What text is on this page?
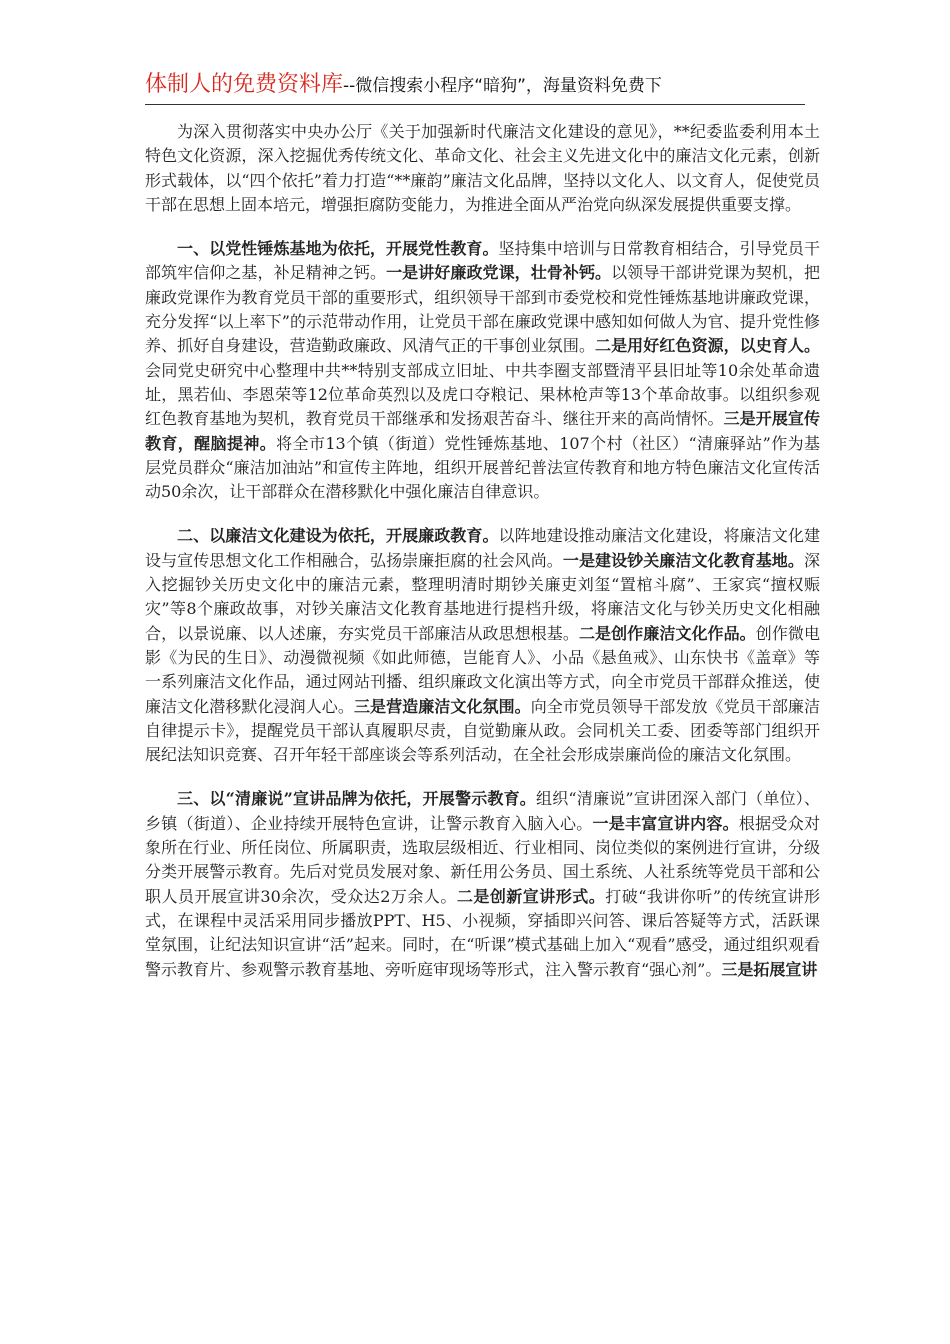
体制人的免费资料库--微信搜索小程序“暗狗”，海量资料免费下

为深入贯彻落实中央办公厅《关于加强新时代廉洁文化建设的意见》，**纪委监委利用本土特色文化资源，深入挖掘优秀传统文化、革命文化、社会主义先进文化中的廉洁文化元素，创新形式载体，以“四个依托”着力打造“**廉韵”廉洁文化品牌，坚持以文化人、以文育人，促使党员干部在思想上固本培元，增强拒腐防变能力，为推进全面从严治党向纵深发展提供重要支撑。

一、以党性锤炼基地为依托，开展党性教育。坚持集中培训与日常教育相结合，引导党员干部筑牢信仰之基，补足精神之钙。一是讲好廉政党课，壮骨补钙。以领导干部讲党课为契机，把廉政党课作为教育党员干部的重要形式，组织领导干部到市委党校和党性锤炼基地讲廉政党课，充分发挥“以上率下”的示范带动作用，让党员干部在廉政党课中感知如何做人为官、提升党性修养、抓好自身建设，营造勤政廉政、风清气正的干事创业氛围。二是用好红色资源，以史育人。会同党史研究中心整理中共**特别支部成立旧址、中共李圈支部暨清平县旧址等10余处革命遗址，黑若仙、李恩荣等12位革命英烈以及虎口夺粮记、果林枪声等13个革命故事。以组织参观红色教育基地为契机，教育党员干部继承和发扬艰苦奋斗、继往开来的高尚情怀。三是开展宣传教育，醒脑提神。将全市13个镇（街道）党性锤炼基地、107个村（社区）“清廉驿站”作为基层党员群众“廉洁加油站”和宣传主阵地，组织开展普纪普法宣传教育和地方特色廉洁文化宣传活动50余次，让干部群众在潜移默化中强化廉洁自律意识。

二、以廉洁文化建设为依托，开展廉政教育。以阵地建设推动廉洁文化建设，将廉洁文化建设与宣传思想文化工作相融合，弘扬崇廉拒腐的社会风尚。一是建设钞关廉洁文化教育基地。深入挖掘钞关历史文化中的廉洁元素，整理明清时期钞关廉吏刘玺“置棺斗腐”、王家宾“擅权赈灾”等8个廉政故事，对钞关廉洁文化教育基地进行提档升级，将廉洁文化与钞关历史文化相融合，以景说廉、以人述廉，夯实党员干部廉洁从政思想根基。二是创作廉洁文化作品。创作微电影《为民的生日》、动漫微视频《如此师德，岂能育人》、小品《悬鱼戒》、山东快书《盖章》等一系列廉洁文化作品，通过网站刊播、组织廉政文化演出等方式，向全市党员干部群众推送，使廉洁文化潜移默化浸润人心。三是营造廉洁文化氛围。向全市党员领导干部发放《党员干部廉洁自律提示卡》，提醒党员干部认真履职尽责，自觉勤廉从政。会同机关工委、团委等部门组织开展纪法知识竞赛、召开年轻干部座谈会等系列活动，在全社会形成崇廉尚俭的廉洁文化氛围。

三、以“清廉说”宣讲品牌为依托，开展警示教育。组织“清廉说”宣讲团深入部门（单位）、乡镇（街道）、企业持续开展特色宣讲，让警示教育入脑入心。一是丰富宣讲内容。根据受众对象所在行业、所任岗位、所属职责，选取层级相近、行业相同、岗位类似的案例进行宣讲，分级分类开展警示教育。先后对党员发展对象、新任用公务员、国土系统、人社系统等党员干部和公职人员开展宣讲30余次，受众达2万余人。二是创新宣讲形式。打破“我讲你听”的传统宣讲形式，在课程中灵活采用同步播放PPT、H5、小视频，穿插即兴问答、课后答疑等方式，活跃课堂氛围，让纪法知识宣讲“活”起来。同时，在“听课”模式基础上加入“观看”感受，通过组织观看警示教育片、参观警示教育基地、旁听庭审现场等形式，注入警示教育“强心剂”。三是拓展宣讲
